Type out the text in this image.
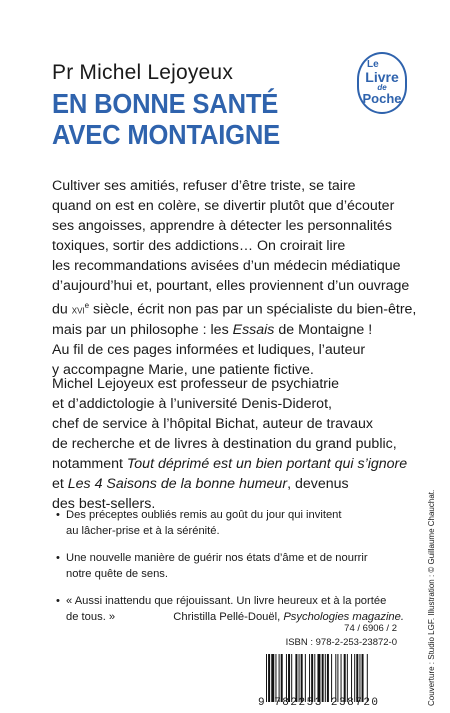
Pr Michel Lejoyeux
EN BONNE SANTÉ
AVEC MONTAIGNE
Le
Livre
de
Poche
Cultiver ses amitiés, refuser d’être triste, se taire
quand on est en colère, se divertir plutôt que d’écouter
ses angoisses, apprendre à détecter les personnalités
toxiques, sortir des addictions… On croirait lire
les recommandations avisées d’un médecin médiatique
d’aujourd’hui et, pourtant, elles proviennent d’un ouvrage
du xvi$^e$ siècle, écrit non pas par un spécialiste du bien-être,
mais par un philosophe : les Essais de Montaigne !
Au fil de ces pages informées et ludiques, l’auteur
y accompagne Marie, une patiente fictive.
Michel Lejoyeux est professeur de psychiatrie
et d’addictologie à l’université Denis-Diderot,
chef de service à l’hôpital Bichat, auteur de travaux
de recherche et de livres à destination du grand public,
notamment Tout déprimé est un bien portant qui s’ignore
et Les 4 Saisons de la bonne humeur, devenus
des best-sellers.
• Des préceptes oubliés remis au goût du jour qui invitent
au lâcher-prise et à la sérénité.
• Une nouvelle manière de guérir nos états d’âme et de nourrir
notre quête de sens.
• « Aussi inattendu que réjouissant. Un livre heureux et à la portée
de tous. »	Christilla Pellé-Douël, Psychologies magazine.
74 / 6906 / 2
ISBN : 978-2-253-23872-0
9 782253 238720	Couverture : Studio LGF. Illustration : © Guillaume Chauchat.
